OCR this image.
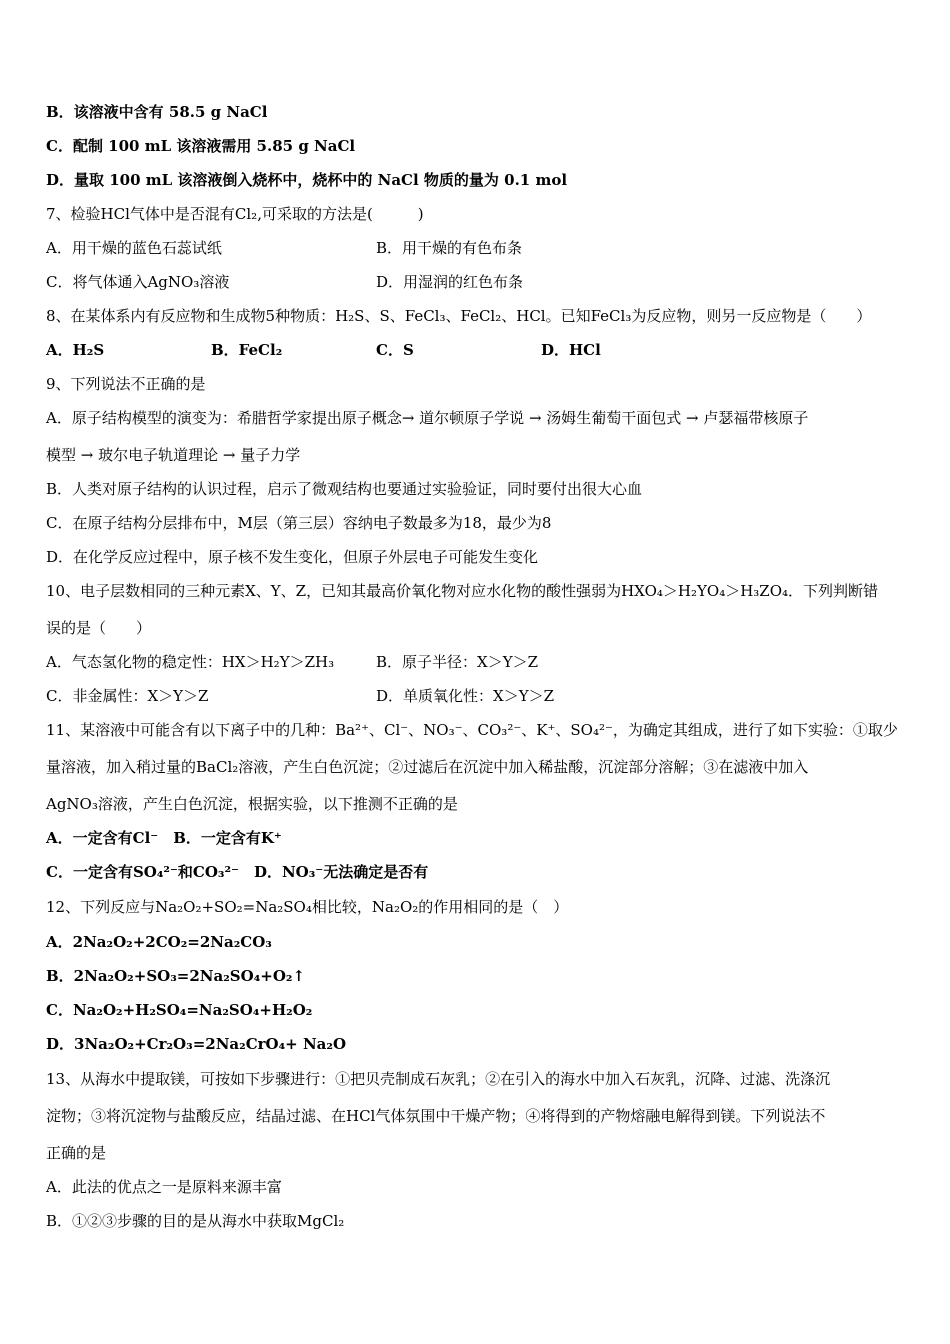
B．该溶液中含有 58.5 g NaCl
C．配制 100 mL 该溶液需用 5.85 g NaCl
D．量取 100 mL 该溶液倒入烧杯中，烧杯中的 NaCl 物质的量为 0.1 mol
7、检验HCl气体中是否混有Cl₂,可采取的方法是(　　　)
A．用干燥的蓝色石蕊试纸	B．用干燥的有色布条
C．将气体通入AgNO₃溶液	D．用湿润的红色布条
8、在某体系内有反应物和生成物5种物质：H₂S、S、FeCl₃、FeCl₂、HCl。已知FeCl₃为反应物，则另一反应物是（　　）
A．H₂S	B．FeCl₂	C．S	D．HCl
9、下列说法不正确的是
A．原子结构模型的演变为：希腊哲学家提出原子概念→ 道尔顿原子学说 → 汤姆生葡萄干面包式 → 卢瑟福带核原子
模型 → 玻尔电子轨道理论 → 量子力学
B．人类对原子结构的认识过程，启示了微观结构也要通过实验验证，同时要付出很大心血
C．在原子结构分层排布中，M层（第三层）容纳电子数最多为18，最少为8
D．在化学反应过程中，原子核不发生变化，但原子外层电子可能发生变化
10、电子层数相同的三种元素X、Y、Z，已知其最高价氧化物对应水化物的酸性强弱为HXO₄＞H₂YO₄＞H₃ZO₄．下列判断错
误的是（　　）
A．气态氢化物的稳定性：HX＞H₂Y＞ZH₃	B．原子半径：X＞Y＞Z
C．非金属性：X＞Y＞Z	D．单质氧化性：X＞Y＞Z
11、某溶液中可能含有以下离子中的几种：Ba²⁺、Cl⁻、NO₃⁻、CO₃²⁻、K⁺、SO₄²⁻，为确定其组成，进行了如下实验：①取少
量溶液，加入稍过量的BaCl₂溶液，产生白色沉淀；②过滤后在沉淀中加入稀盐酸，沉淀部分溶解；③在滤液中加入
AgNO₃溶液，产生白色沉淀，根据实验，以下推测不正确的是
A．一定含有Cl⁻　B．一定含有K⁺
C．一定含有SO₄²⁻和CO₃²⁻　D．NO₃⁻无法确定是否有
12、下列反应与Na₂O₂+SO₂=Na₂SO₄相比较，Na₂O₂的作用相同的是（　）
A．2Na₂O₂+2CO₂=2Na₂CO₃
B．2Na₂O₂+SO₃=2Na₂SO₄+O₂↑
C．Na₂O₂+H₂SO₄=Na₂SO₄+H₂O₂
D．3Na₂O₂+Cr₂O₃=2Na₂CrO₄+ Na₂O
13、从海水中提取镁，可按如下步骤进行：①把贝壳制成石灰乳；②在引入的海水中加入石灰乳，沉降、过滤、洗涤沉
淀物；③将沉淀物与盐酸反应，结晶过滤、在HCl气体氛围中干燥产物；④将得到的产物熔融电解得到镁。下列说法不
正确的是
A．此法的优点之一是原料来源丰富
B．①②③步骤的目的是从海水中获取MgCl₂
